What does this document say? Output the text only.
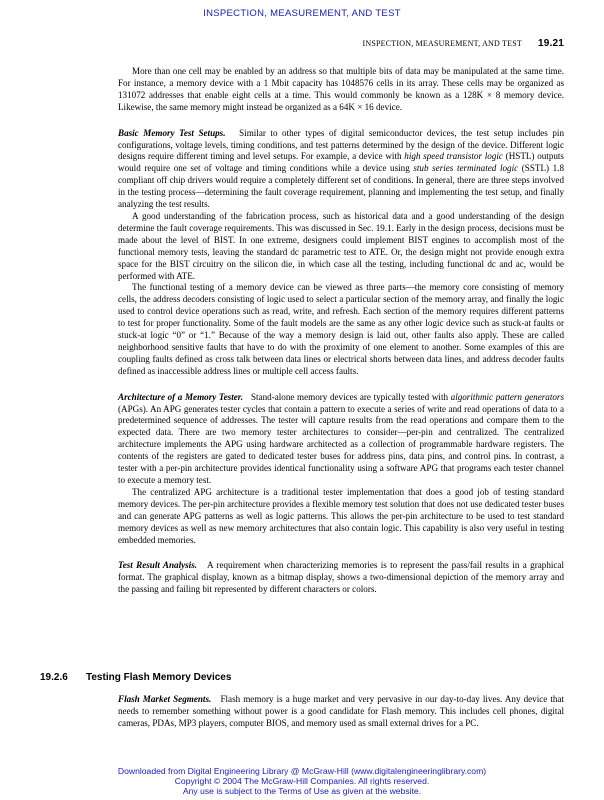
INSPECTION, MEASUREMENT, AND TEST
INSPECTION, MEASUREMENT, AND TEST 19.21

More than one cell may be enabled by an address so that multiple bits of data may be manipulated at the same time. For instance, a memory device with a 1 Mbit capacity has 1048576 cells in its array. These cells may be organized as 131072 addresses that enable eight cells at a time. This would commonly be known as a 128K × 8 memory device. Likewise, the same memory might instead be organized as a 64K × 16 device.

Basic Memory Test Setups. Similar to other types of digital semiconductor devices, the test setup includes pin configurations, voltage levels, timing conditions, and test patterns determined by the design of the device. Different logic designs require different timing and level setups. For example, a device with high speed transistor logic (HSTL) outputs would require one set of voltage and timing conditions while a device using stub series terminated logic (SSTL) 1.8 compliant off chip drivers would require a completely different set of conditions. In general, there are three steps involved in the testing process—determining the fault coverage requirement, planning and implementing the test setup, and finally analyzing the test results.

A good understanding of the fabrication process, such as historical data and a good understanding of the design determine the fault coverage requirements. This was discussed in Sec. 19.1. Early in the design process, decisions must be made about the level of BIST. In one extreme, designers could implement BIST engines to accomplish most of the functional memory tests, leaving the standard dc parametric test to ATE. Or, the design might not provide enough extra space for the BIST circuitry on the silicon die, in which case all the testing, including functional dc and ac, would be performed with ATE.

The functional testing of a memory device can be viewed as three parts—the memory core consisting of memory cells, the address decoders consisting of logic used to select a particular section of the memory array, and finally the logic used to control device operations such as read, write, and refresh. Each section of the memory requires different patterns to test for proper functionality. Some of the fault models are the same as any other logic device such as stuck-at faults or stuck-at logic “0” or “1.” Because of the way a memory design is laid out, other faults also apply. These are called neighborhood sensitive faults that have to do with the proximity of one element to another. Some examples of this are coupling faults defined as cross talk between data lines or electrical shorts between data lines, and address decoder faults defined as inaccessible address lines or multiple cell access faults.

Architecture of a Memory Tester. Stand-alone memory devices are typically tested with algorithmic pattern generators (APGs). An APG generates tester cycles that contain a pattern to execute a series of write and read operations of data to a predetermined sequence of addresses. The tester will capture results from the read operations and compare them to the expected data. There are two memory tester architectures to consider—per-pin and centralized. The centralized architecture implements the APG using hardware architected as a collection of programmable hardware registers. The contents of the registers are gated to dedicated tester buses for address pins, data pins, and control pins. In contrast, a tester with a per-pin architecture provides identical functionality using a software APG that programs each tester channel to execute a memory test.

The centralized APG architecture is a traditional tester implementation that does a good job of testing standard memory devices. The per-pin architecture provides a flexible memory test solution that does not use dedicated tester buses and can generate APG patterns as well as logic patterns. This allows the per-pin architecture to be used to test standard memory devices as well as new memory architectures that also contain logic. This capability is also very useful in testing embedded memories.

Test Result Analysis. A requirement when characterizing memories is to represent the pass/fail results in a graphical format. The graphical display, known as a bitmap display, shows a two-dimensional depiction of the memory array and the passing and failing bit represented by different characters or colors.

19.2.6 Testing Flash Memory Devices

Flash Market Segments. Flash memory is a huge market and very pervasive in our day-to-day lives. Any device that needs to remember something without power is a good candidate for Flash memory. This includes cell phones, digital cameras, PDAs, MP3 players, computer BIOS, and memory used as small external drives for a PC.

Downloaded from Digital Engineering Library @ McGraw-Hill (www.digitalengineeringlibrary.com)
Copyright © 2004 The McGraw-Hill Companies. All rights reserved.
Any use is subject to the Terms of Use as given at the website.
